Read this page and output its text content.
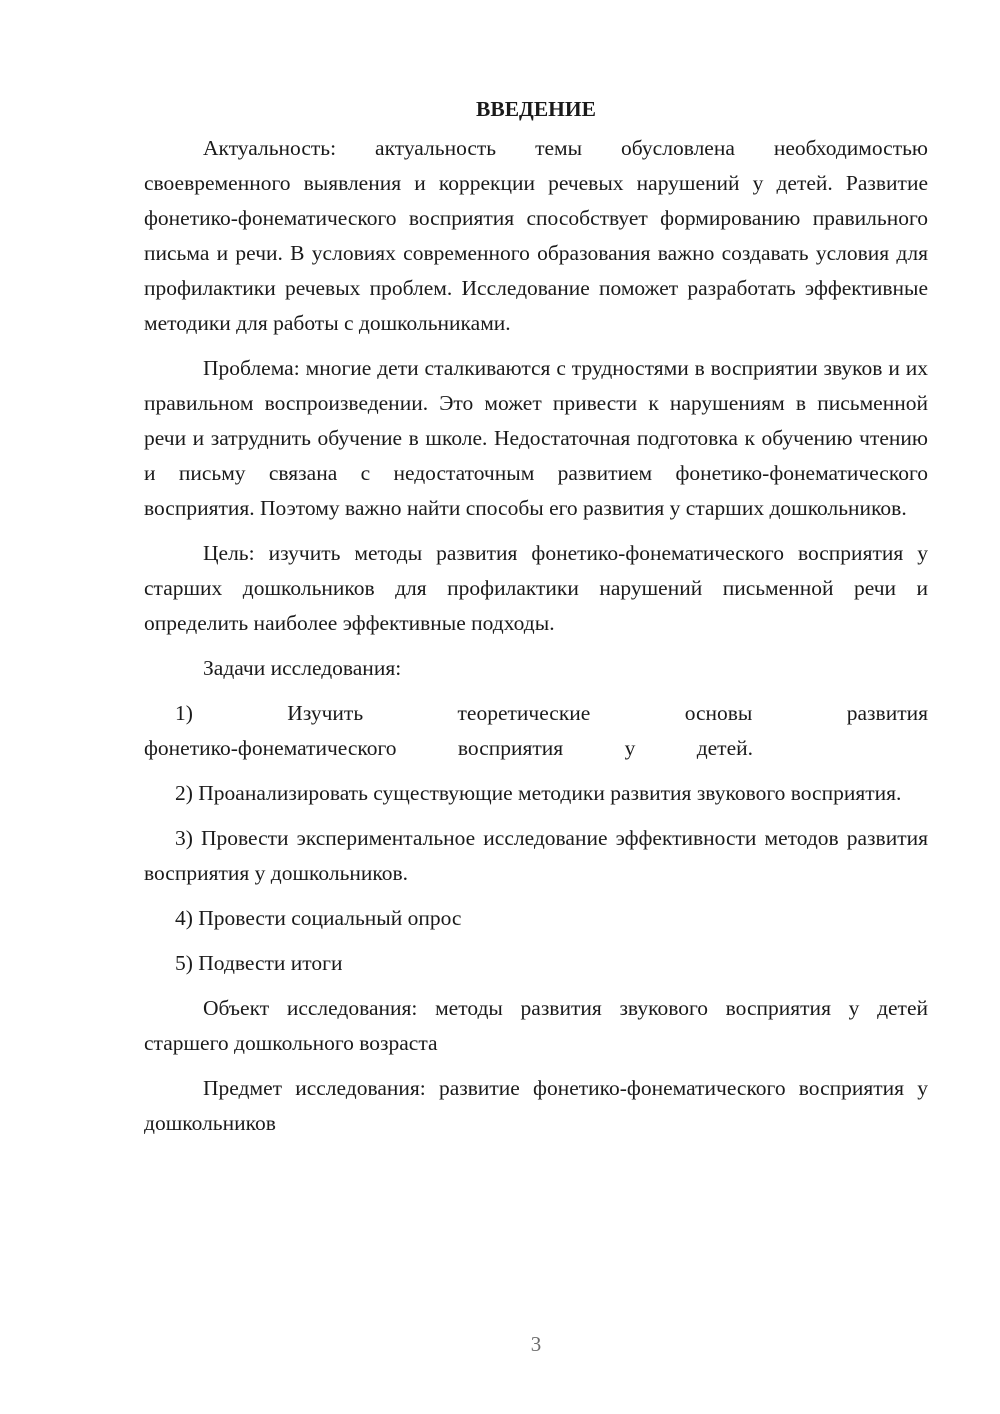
ВВЕДЕНИЕ

Актуальность: актуальность темы обусловлена необходимостью своевременного выявления и коррекции речевых нарушений у детей. Развитие фонетико-фонематического восприятия способствует формированию правильного письма и речи. В условиях современного образования важно создавать условия для профилактики речевых проблем. Исследование поможет разработать эффективные методики для работы с дошкольниками.

Проблема: многие дети сталкиваются с трудностями в восприятии звуков и их правильном воспроизведении. Это может привести к нарушениям в письменной речи и затруднить обучение в школе. Недостаточная подготовка к обучению чтению и письму связана с недостаточным развитием фонетико-фонематического восприятия. Поэтому важно найти способы его развития у старших дошкольников.

Цель: изучить методы развития фонетико-фонематического восприятия у старших дошкольников для профилактики нарушений письменной речи и определить наиболее эффективные подходы.

Задачи исследования:

1) Изучить теоретические основы развития фонетико-фонематического восприятия у детей.

2) Проанализировать существующие методики развития звукового восприятия.

3) Провести экспериментальное исследование эффективности методов развития восприятия у дошкольников.

4) Провести социальный опрос

5) Подвести итоги

Объект исследования: методы развития звукового восприятия у детей старшего дошкольного возраста

Предмет исследования: развитие фонетико-фонематического восприятия у дошкольников

3
